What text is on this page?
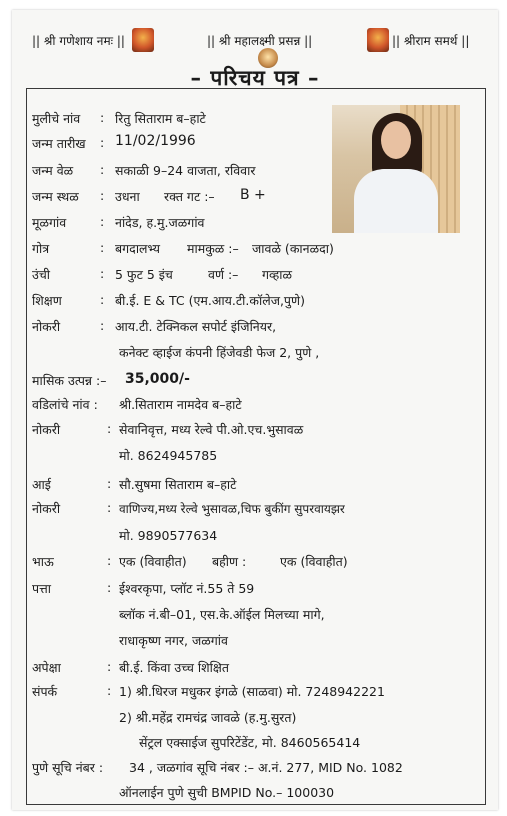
|| श्री गणेशाय नमः ||	|| श्री महालक्ष्मी प्रसन्न ||	|| श्रीराम समर्थ ||
– परिचय पत्र –
मुलीचे नांव : रितु सिताराम ब–हाटे
जन्म तारीख : 11/02/1996
जन्म वेळ : सकाळी 9–24 वाजता, रविवार
जन्म स्थळ : उधना रक्त गट :– B +
मूळगांव	: नांदेड, ह.मु.जळगांव
गोत्र	: बगदालभ्य मामकुळ :– जावळे (कानळदा)
उंची	: 5 फुट 5 इंच	वर्ण :– गव्हाळ
शिक्षण	: बी.ई. E & TC (एम.आय.टी.कॉलेज,पुणे)
नोकरी	: आय.टी. टेक्निकल सपोर्ट इंजिनियर,
कनेक्ट व्हाईज कंपनी हिंजेवडी फेज 2, पुणे ,
मासिक उत्पन्न :– 35,000/-
वडिलांचे नांव : श्री.सिताराम नामदेव ब–हाटे
नोकरी	: सेवानिवृत्त, मध्य रेल्वे पी.ओ.एच.भुसावळ
मो. 8624945785
आई	: सौ.सुषमा सिताराम ब–हाटे
नोकरी	: वाणिज्य,मध्य रेल्वे भुसावळ,चिफ बुकींग सुपरवायझर
मो. 9890577634
भाऊ	: एक (विवाहीत) बहीण :	एक (विवाहीत)
पत्ता	: ईश्वरकृपा, प्लॉट नं.55 ते 59
ब्लॉक नं.बी–01, एस.के.ऑईल मिलच्या मागे,
राधाकृष्ण नगर, जळगांव
अपेक्षा	: बी.ई. किंवा उच्च शिक्षित
संपर्क	: 1) श्री.धिरज मधुकर इंगळे (साळवा) मो. 7248942221
2) श्री.महेंद्र रामचंद्र जावळे (ह.मु.सुरत)
सेंट्रल एक्साईज सुपरिटेंडेंट, मो. 8460565414
पुणे सूचि नंबर : 34 , जळगांव सूचि नंबर :– अ.नं. 277, MID No. 1082
ऑनलाईन पुणे सुची BMPID No.– 100030
